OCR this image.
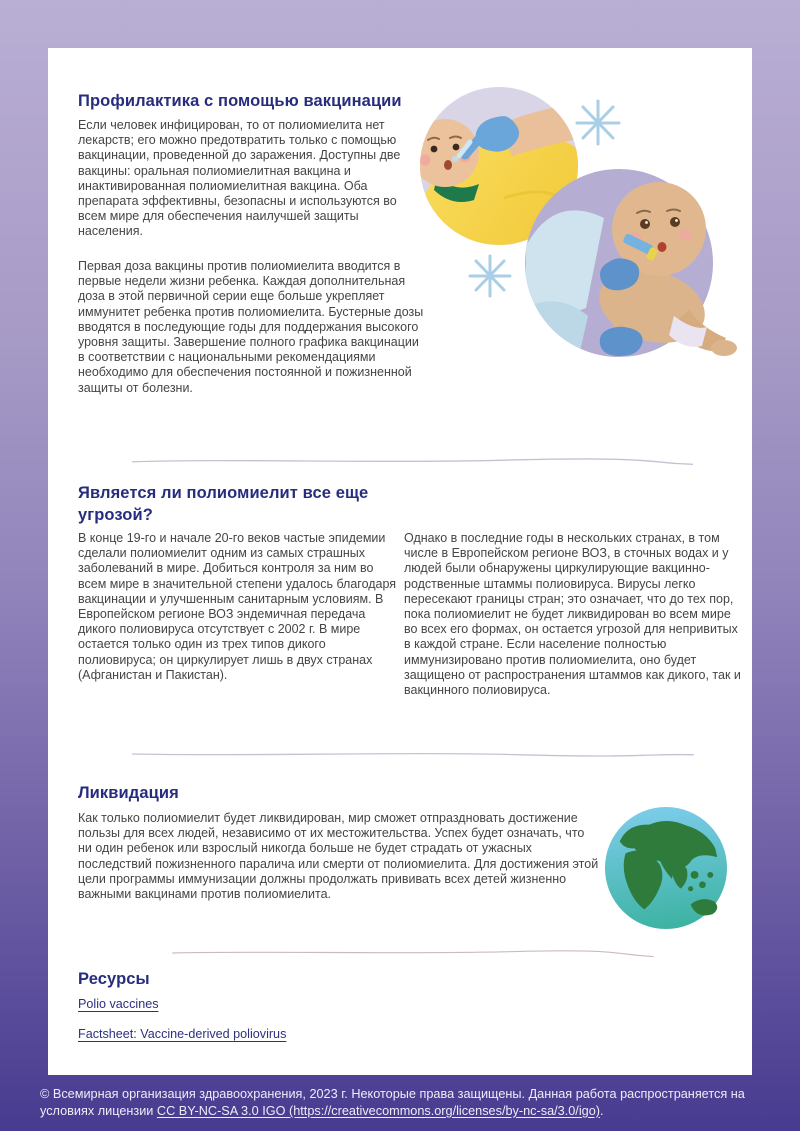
Профилактика с помощью вакцинации

Если человек инфицирован, то от полиомиелита нет лекарств; его можно предотвратить только с помощью вакцинации, проведенной до заражения. Доступны две вакцины: оральная полиомиелитная вакцина и инактивированная полиомиелитная вакцина. Оба препарата эффективны, безопасны и используются во всем мире для обеспечения наилучшей защиты населения.

Первая доза вакцины против полиомиелита вводится в первые недели жизни ребенка. Каждая дополнительная доза в этой первичной серии еще больше укрепляет иммунитет ребенка против полиомиелита. Бустерные дозы вводятся в последующие годы для поддержания высокого уровня защиты. Завершение полного графика вакцинации в соответствии с национальными рекомендациями необходимо для обеспечения постоянной и пожизненной защиты от болезни.

Является ли полиомиелит все еще угрозой?

В конце 19-го и начале 20-го веков частые эпидемии сделали полиомиелит одним из самых страшных заболеваний в мире. Добиться контроля за ним во всем мире в значительной степени удалось благодаря вакцинации и улучшенным санитарным условиям. В Европейском регионе ВОЗ эндемичная передача дикого полиовируса отсутствует с 2002 г. В мире остается только один из трех типов дикого полиовируса; он циркулирует лишь в двух странах (Афганистан и Пакистан).

Однако в последние годы в нескольких странах, в том числе в Европейском регионе ВОЗ, в сточных водах и у людей были обнаружены циркулирующие вакцинно-родственные штаммы полиовируса. Вирусы легко пересекают границы стран; это означает, что до тех пор, пока полиомиелит не будет ликвидирован во всем мире во всех его формах, он остается угрозой для непривитых в каждой стране. Если население полностью иммунизировано против полиомиелита, оно будет защищено от распространения штаммов как дикого, так и вакцинного полиовируса.

Ликвидация

Как только полиомиелит будет ликвидирован, мир сможет отпраздновать достижение пользы для всех людей, независимо от их местожительства. Успех будет означать, что ни один ребенок или взрослый никогда больше не будет страдать от ужасных последствий пожизненного паралича или смерти от полиомиелита. Для достижения этой цели программы иммунизации должны продолжать прививать всех детей жизненно важными вакцинами против полиомиелита.

Ресурсы
Polio vaccines
Factsheet: Vaccine-derived poliovirus
© Всемирная организация здравоохранения, 2023 г. Некоторые права защищены. Данная работа распространяется на условиях лицензии CC BY-NC-SA 3.0 IGO (https://creativecommons.org/licenses/by-nc-sa/3.0/igo).
